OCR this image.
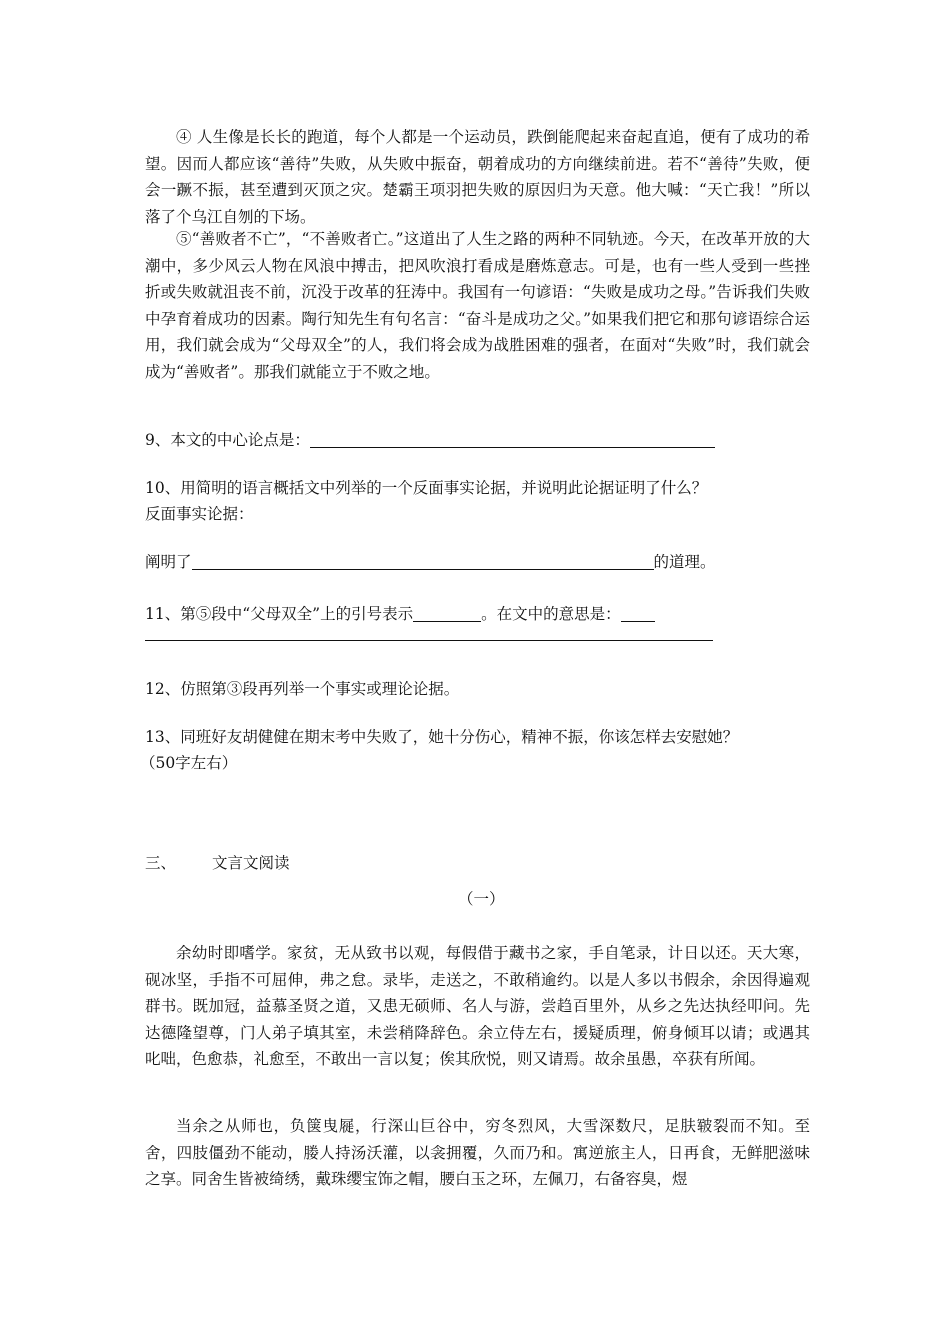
④ 人生像是长长的跑道，每个人都是一个运动员，跌倒能爬起来奋起直追，便有了成功的希望。因而人都应该“善待”失败，从失败中振奋，朝着成功的方向继续前进。若不“善待”失败，便会一蹶不振，甚至遭到灭顶之灾。楚霸王项羽把失败的原因归为天意。他大喊：“天亡我！”所以落了个乌江自刎的下场。

⑤“善败者不亡”，“不善败者亡。”这道出了人生之路的两种不同轨迹。今天，在改革开放的大潮中，多少风云人物在风浪中搏击，把风吹浪打看成是磨炼意志。可是，也有一些人受到一些挫折或失败就沮丧不前，沉没于改革的狂涛中。我国有一句谚语：“失败是成功之母。”告诉我们失败中孕育着成功的因素。陶行知先生有句名言：“奋斗是成功之父。”如果我们把它和那句谚语综合运用，我们就会成为“父母双全”的人，我们将会成为战胜困难的强者，在面对“失败”时，我们就会成为“善败者”。那我们就能立于不败之地。

9、本文的中心论点是：

10、用简明的语言概括文中列举的一个反面事实论据，并说明此论据证明了什么？

反面事实论据：

阐明了	的道理。

11、第⑤段中“父母双全”上的引号表示	。在文中的意思是：

12、仿照第③段再列举一个事实或理论论据。

13、同班好友胡健健在期末考中失败了，她十分伤心，精神不振，你该怎样去安慰她？

（50字左右）

三、	文言文阅读

（一）

余幼时即嗜学。家贫，无从致书以观，每假借于藏书之家，手自笔录，计日以还。天大寒，砚冰坚，手指不可屈伸，弗之怠。录毕，走送之，不敢稍逾约。以是人多以书假余，余因得遍观群书。既加冠，益慕圣贤之道，又患无硕师、名人与游，尝趋百里外，从乡之先达执经叩问。先达德隆望尊，门人弟子填其室，未尝稍降辞色。余立侍左右，援疑质理，俯身倾耳以请；或遇其叱咄，色愈恭，礼愈至，不敢出一言以复；俟其欣悦，则又请焉。故余虽愚，卒获有所闻。

当余之从师也，负箧曳屣，行深山巨谷中，穷冬烈风，大雪深数尺，足肤皲裂而不知。至舍，四肢僵劲不能动，媵人持汤沃灌，以衾拥覆，久而乃和。寓逆旅主人，日再食，无鲜肥滋味之享。同舍生皆被绮绣，戴珠缨宝饰之帽，腰白玉之环，左佩刀，右备容臭，煜
